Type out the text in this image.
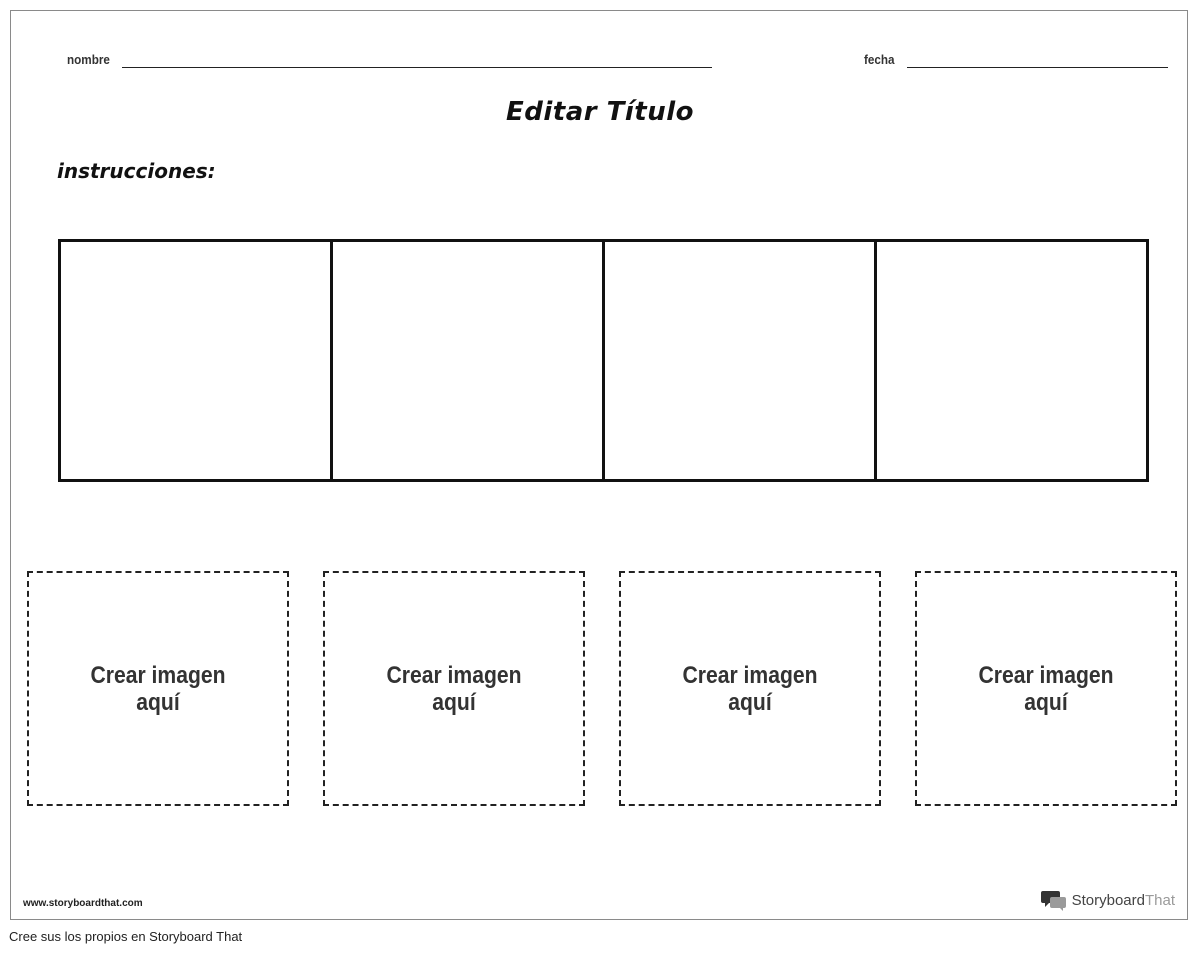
nombre	fecha
Editar Título
instrucciones:
Crear imagen
aquí
Crear imagen
aquí
Crear imagen
aquí
Crear imagen
aquí
www.storyboardthat.com	StoryboardThat
Cree sus los propios en Storyboard That
